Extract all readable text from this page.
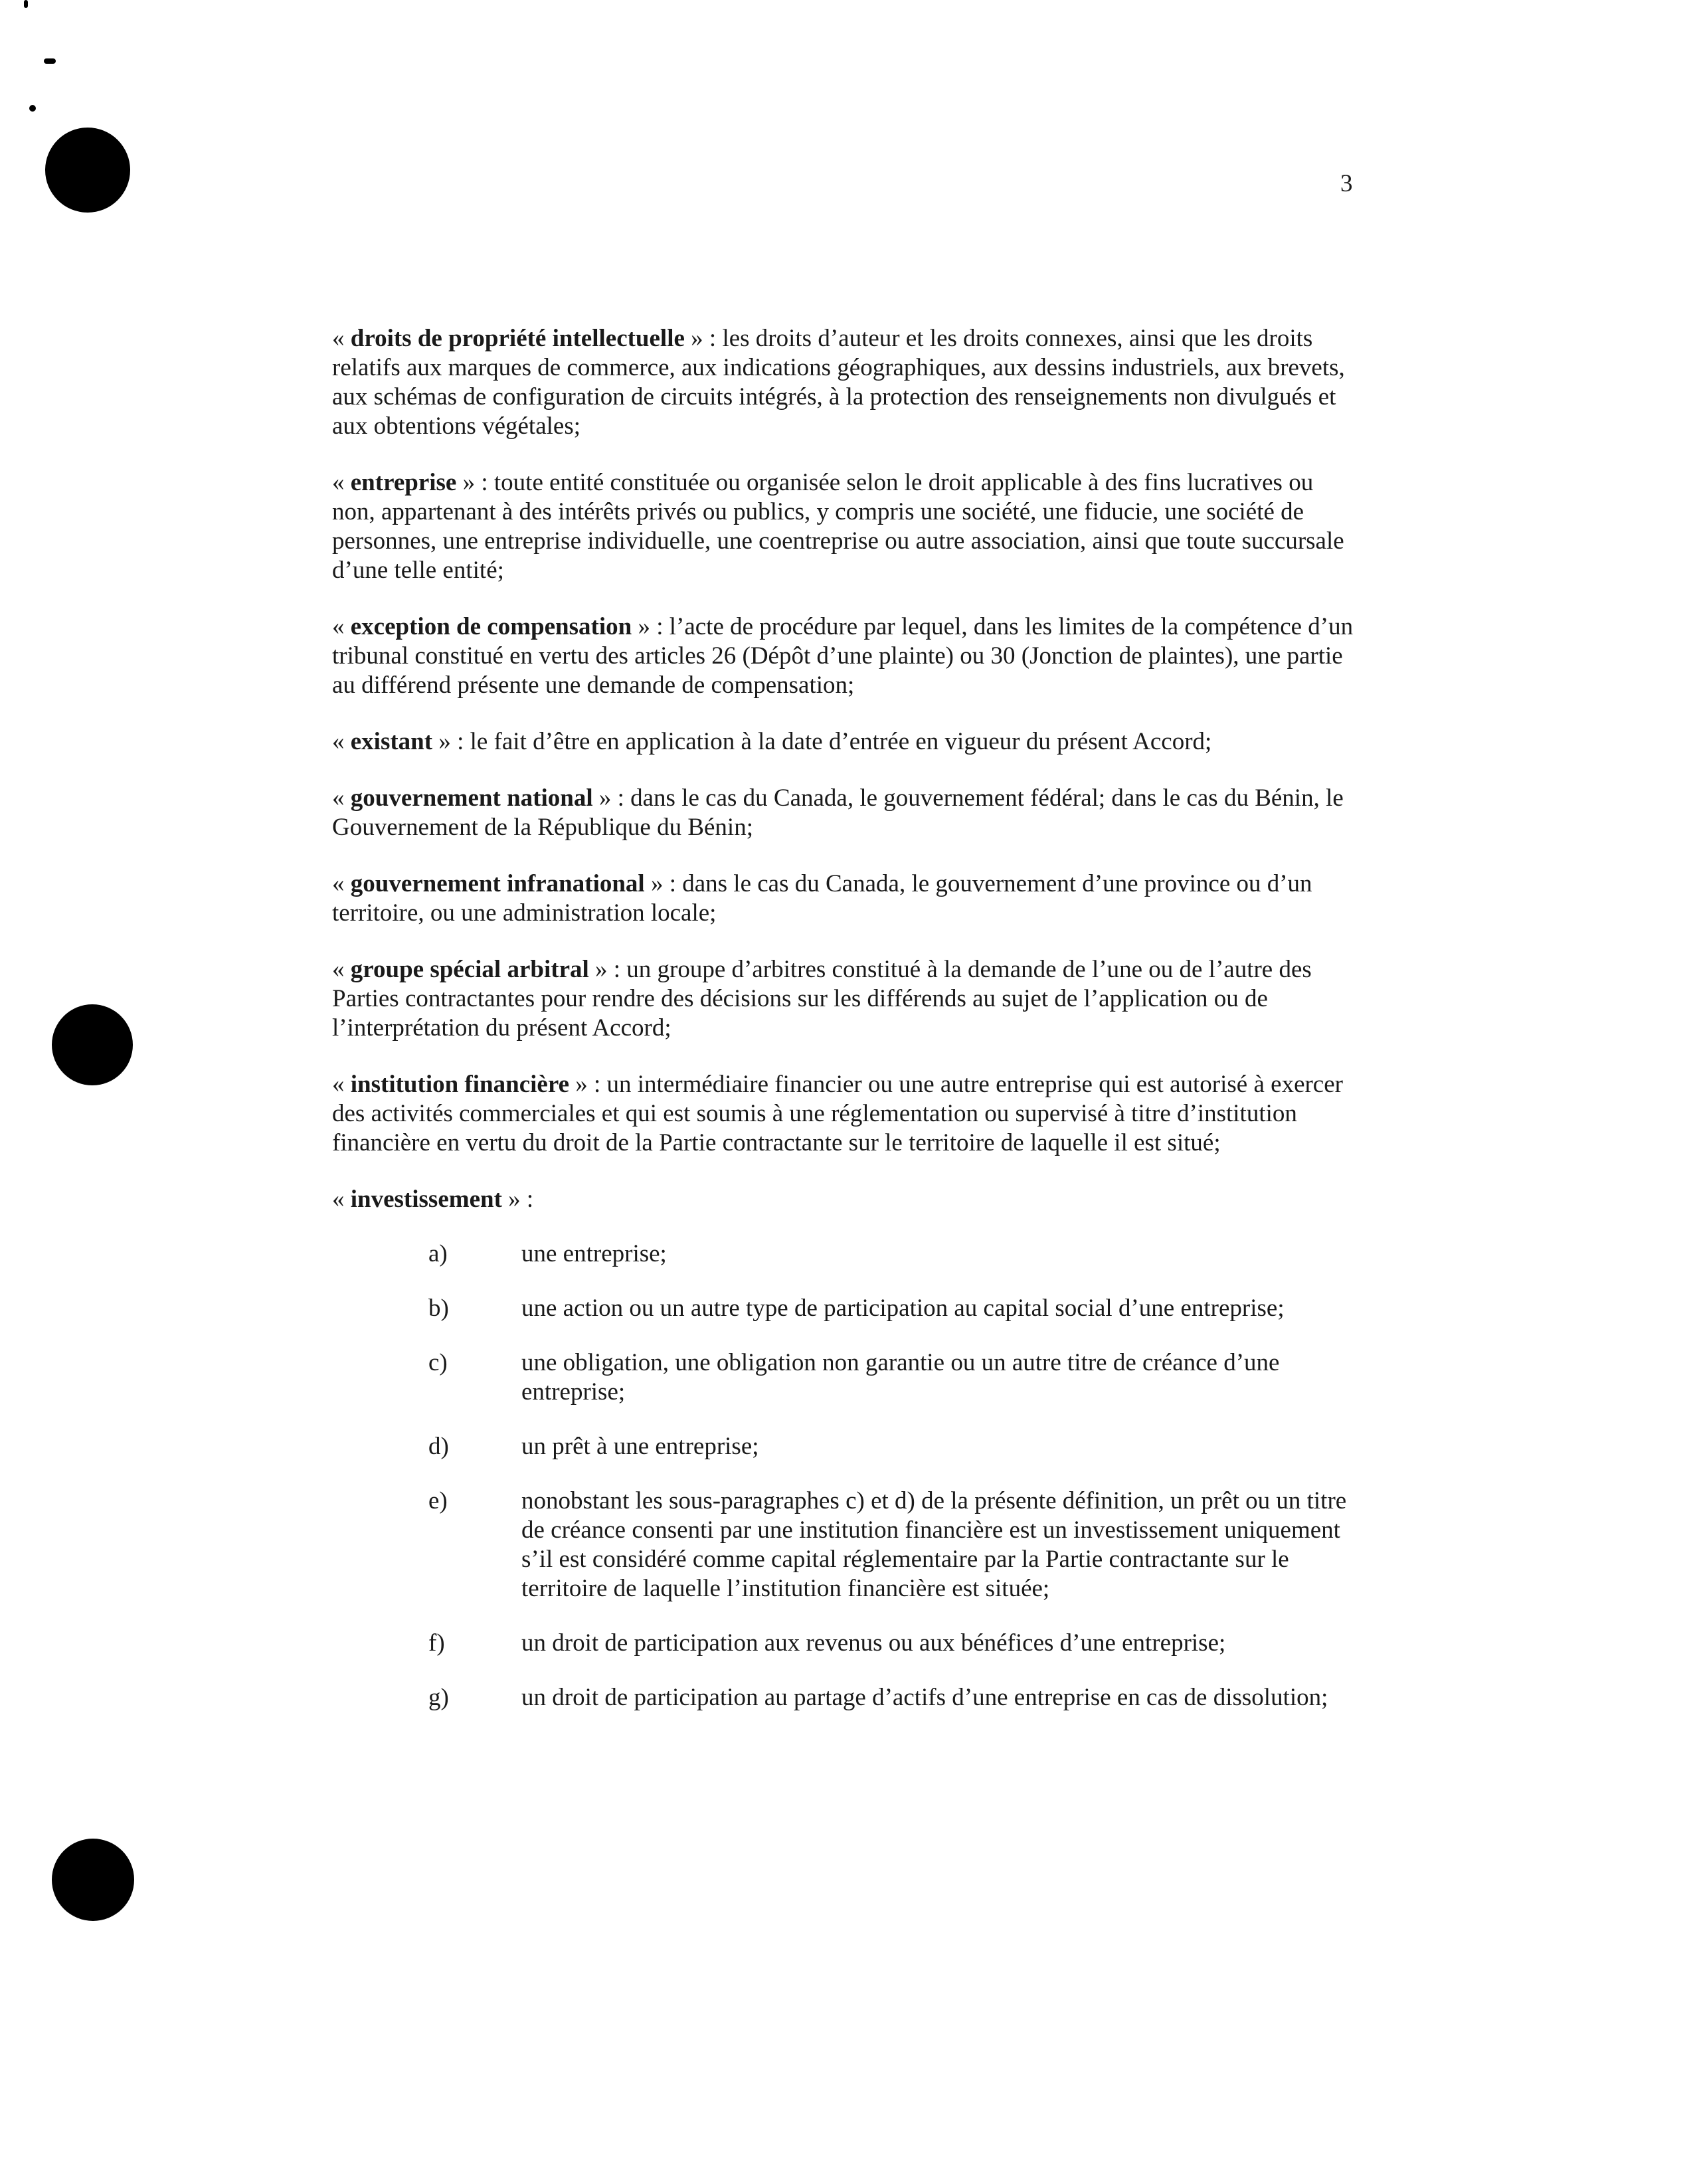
3

« droits de propriété intellectuelle » : les droits d’auteur et les droits connexes, ainsi que les droits relatifs aux marques de commerce, aux indications géographiques, aux dessins industriels, aux brevets, aux schémas de configuration de circuits intégrés, à la protection des renseignements non divulgués et aux obtentions végétales;

« entreprise » : toute entité constituée ou organisée selon le droit applicable à des fins lucratives ou non, appartenant à des intérêts privés ou publics, y compris une société, une fiducie, une société de personnes, une entreprise individuelle, une coentreprise ou autre association, ainsi que toute succursale d’une telle entité;

« exception de compensation » : l’acte de procédure par lequel, dans les limites de la compétence d’un tribunal constitué en vertu des articles 26 (Dépôt d’une plainte) ou 30 (Jonction de plaintes), une partie au différend présente une demande de compensation;

« existant » : le fait d’être en application à la date d’entrée en vigueur du présent Accord;

« gouvernement national » : dans le cas du Canada, le gouvernement fédéral; dans le cas du Bénin, le Gouvernement de la République du Bénin;

« gouvernement infranational » : dans le cas du Canada, le gouvernement d’une province ou d’un territoire, ou une administration locale;

« groupe spécial arbitral » : un groupe d’arbitres constitué à la demande de l’une ou de l’autre des Parties contractantes pour rendre des décisions sur les différends au sujet de l’application ou de l’interprétation du présent Accord;

« institution financière » : un intermédiaire financier ou une autre entreprise qui est autorisé à exercer des activités commerciales et qui est soumis à une réglementation ou supervisé à titre d’institution financière en vertu du droit de la Partie contractante sur le territoire de laquelle il est situé;

« investissement » :

a)	une entreprise;
b)	une action ou un autre type de participation au capital social d’une entreprise;
c)	une obligation, une obligation non garantie ou un autre titre de créance d’une entreprise;
d)	un prêt à une entreprise;
e)	nonobstant les sous-paragraphes c) et d) de la présente définition, un prêt ou un titre de créance consenti par une institution financière est un investissement uniquement s’il est considéré comme capital réglementaire par la Partie contractante sur le territoire de laquelle l’institution financière est située;
f)	un droit de participation aux revenus ou aux bénéfices d’une entreprise;
g)	un droit de participation au partage d’actifs d’une entreprise en cas de dissolution;
